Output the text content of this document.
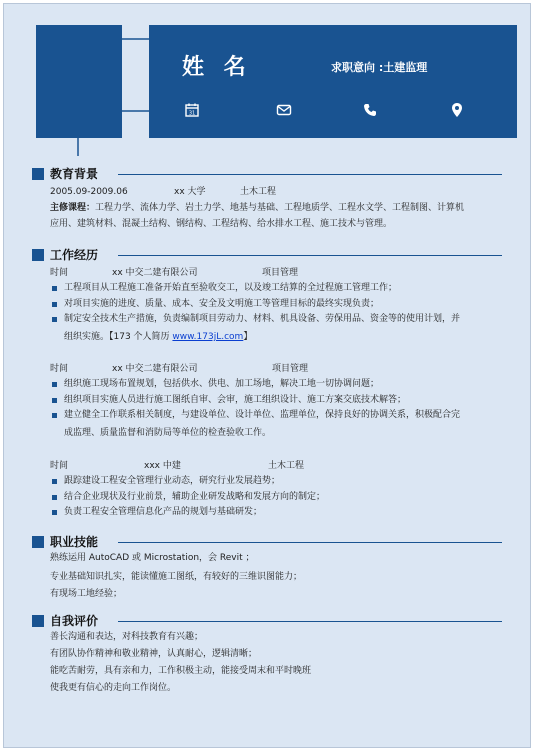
姓 名	求职意向 :土建监理
31
教育背景
2005.09-2009.06	xx 大学	土木工程
主修课程：工程力学、流体力学、岩土力学、地基与基础、工程地质学、工程水文学、工程制图、计算机
应用、建筑材料、混凝土结构、钢结构、工程结构、给水排水工程、施工技术与管理。
工作经历
时间	xx 中交二建有限公司	项目管理
工程项目从工程施工准备开始直至验收交工，以及竣工结算的全过程施工管理工作；
对项目实施的进度、质量、成本、安全及文明施工等管理目标的最终实现负责；
制定安全技术生产措施，负责编制项目劳动力、材料、机具设备、劳保用品、资金等的使用计划，并
组织实施。【173 个人简历 www.173jL.com】
时间	xx 中交二建有限公司	项目管理
组织施工现场布置规划，包括供水、供电、加工场地，解决工地一切协调问题；
组织项目实施人员进行施工图纸自审、会审，施工组织设计、施工方案交底技术解答；
建立健全工作联系相关制度，与建设单位、设计单位、监理单位，保持良好的协调关系，积极配合完
成监理、质量监督和消防局等单位的检查验收工作。
时间	xxx 中建	土木工程
跟踪建设工程安全管理行业动态，研究行业发展趋势；
结合企业现状及行业前景，辅助企业研发战略和发展方向的制定；
负责工程安全管理信息化产品的规划与基础研发；
职业技能
熟练运用 AutoCAD 或 Microstation，会 Revit ；
专业基础知识扎实，能读懂施工图纸，有较好的三维识图能力；
有现场工地经验；
自我评价
善长沟通和表达，对科技教育有兴趣；
有团队协作精神和敬业精神，认真耐心，逻辑清晰；
能吃苦耐劳，具有亲和力，工作积极主动，能接受周末和平时晚班
使我更有信心的走向工作岗位。
